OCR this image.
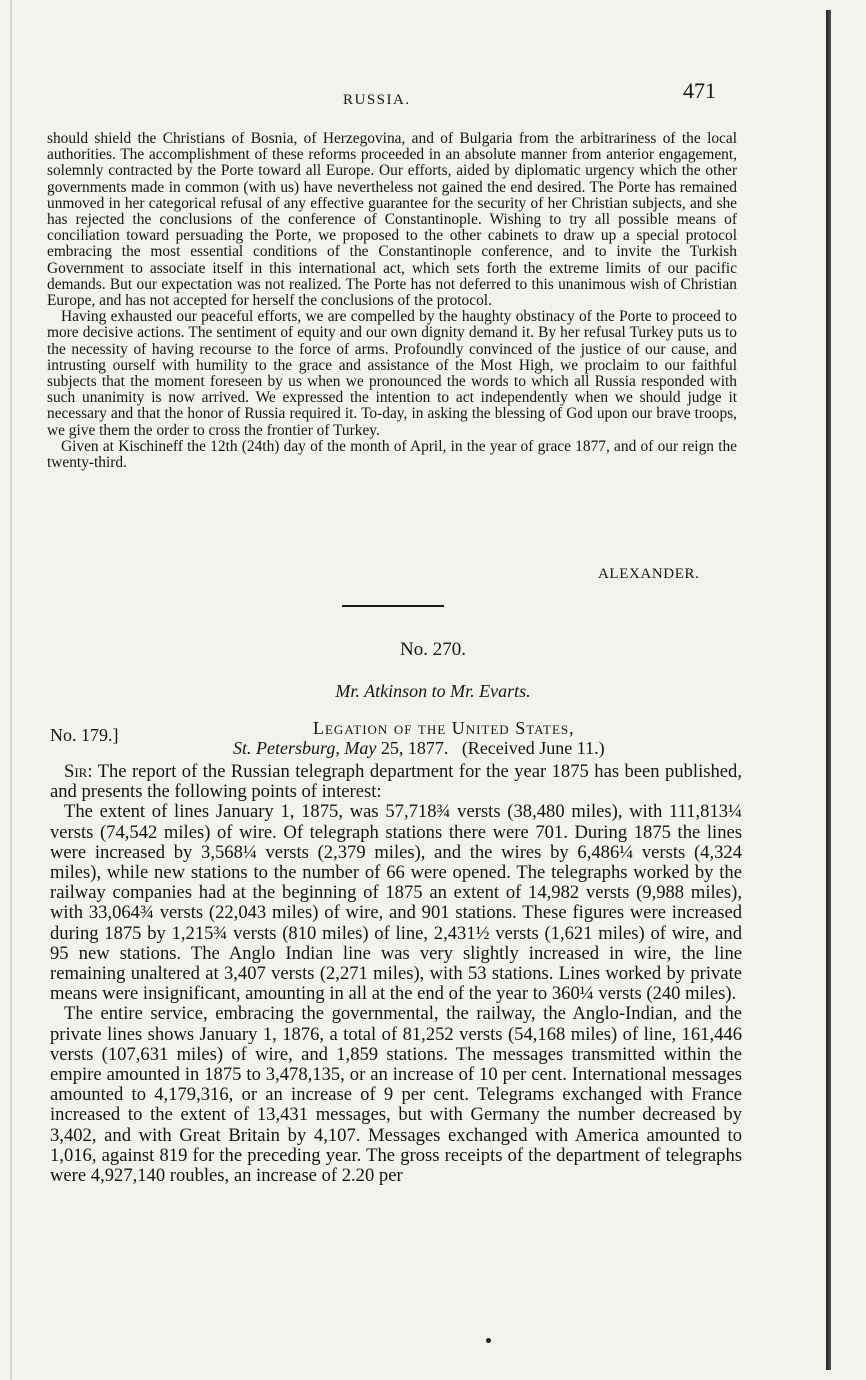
RUSSIA.	471

should shield the Christians of Bosnia, of Herzegovina, and of Bulgaria from the arbitrariness of the local authorities. The accomplishment of these reforms proceeded in an absolute manner from anterior engagement, solemnly contracted by the Porte toward all Europe. Our efforts, aided by diplomatic urgency which the other governments made in common (with us) have nevertheless not gained the end desired. The Porte has remained unmoved in her categorical refusal of any effective guarantee for the security of her Christian subjects, and she has rejected the conclusions of the conference of Constantinople. Wishing to try all possible means of conciliation toward persuading the Porte, we proposed to the other cabinets to draw up a special protocol embracing the most essential conditions of the Constantinople conference, and to invite the Turkish Government to associate itself in this international act, which sets forth the extreme limits of our pacific demands. But our expectation was not realized. The Porte has not deferred to this unanimous wish of Christian Europe, and has not accepted for herself the conclusions of the protocol.

Having exhausted our peaceful efforts, we are compelled by the haughty obstinacy of the Porte to proceed to more decisive actions. The sentiment of equity and our own dignity demand it. By her refusal Turkey puts us to the necessity of having recourse to the force of arms. Profoundly convinced of the justice of our cause, and intrusting ourself with humility to the grace and assistance of the Most High, we proclaim to our faithful subjects that the moment foreseen by us when we pronounced the words to which all Russia responded with such unanimity is now arrived. We expressed the intention to act independently when we should judge it necessary and that the honor of Russia required it. To-day, in asking the blessing of God upon our brave troops, we give them the order to cross the frontier of Turkey.

Given at Kischineff the 12th (24th) day of the month of April, in the year of grace 1877, and of our reign the twenty-third.

ALEXANDER.
No. 270.
Mr. Atkinson to Mr. Evarts.
No. 179.]	Legation of the United States,
St. Petersburg, May 25, 1877.   (Received June 11.)

Sir: The report of the Russian telegraph department for the year 1875 has been published, and presents the following points of interest:

The extent of lines January 1, 1875, was 57,718¾ versts (38,480 miles), with 111,813¼ versts (74,542 miles) of wire. Of telegraph stations there were 701. During 1875 the lines were increased by 3,568¼ versts (2,379 miles), and the wires by 6,486¼ versts (4,324 miles), while new stations to the number of 66 were opened. The telegraphs worked by the railway companies had at the beginning of 1875 an extent of 14,982 versts (9,988 miles), with 33,064¾ versts (22,043 miles) of wire, and 901 stations. These figures were increased during 1875 by 1,215¾ versts (810 miles) of line, 2,431½ versts (1,621 miles) of wire, and 95 new stations. The Anglo Indian line was very slightly increased in wire, the line remaining unaltered at 3,407 versts (2,271 miles), with 53 stations. Lines worked by private means were insignificant, amounting in all at the end of the year to 360¼ versts (240 miles).

The entire service, embracing the governmental, the railway, the Anglo-Indian, and the private lines shows January 1, 1876, a total of 81,252 versts (54,168 miles) of line, 161,446 versts (107,631 miles) of wire, and 1,859 stations. The messages transmitted within the empire amounted in 1875 to 3,478,135, or an increase of 10 per cent. International messages amounted to 4,179,316, or an increase of 9 per cent. Telegrams exchanged with France increased to the extent of 13,431 messages, but with Germany the number decreased by 3,402, and with Great Britain by 4,107. Messages exchanged with America amounted to 1,016, against 819 for the preceding year. The gross receipts of the department of telegraphs were 4,927,140 roubles, an increase of 2.20 per
